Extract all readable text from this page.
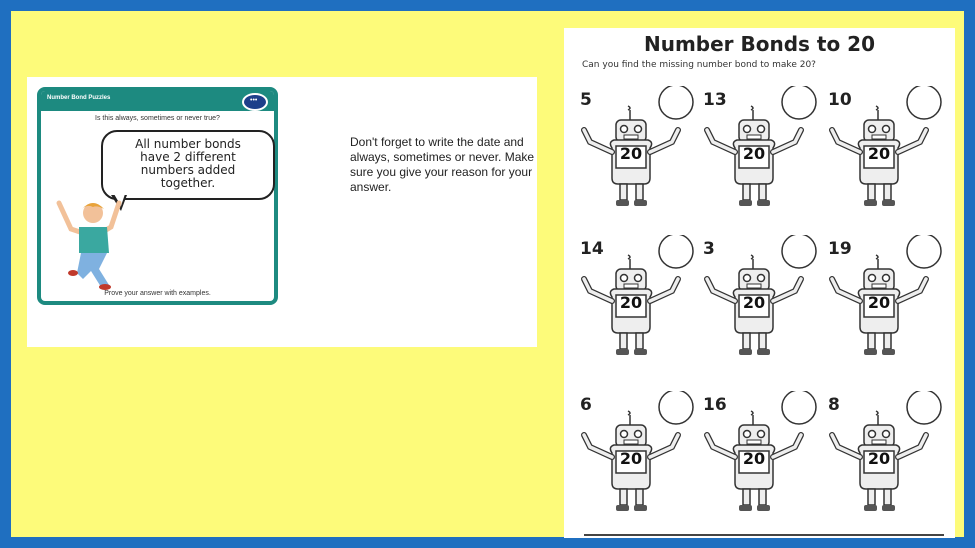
Number Bond Puzzles
•••
Is this always, sometimes or never true?
All number bonds
have 2 different
numbers added
together.
Prove your answer with examples.
Don't forget to write the date and always, sometimes or never. Make sure you give your reason for your answer.
Number Bonds to 20
Can you find the missing number bond to make 20?
5
20
13
20
10
20
14
20
3
20
19
20
6
20
16
20
8
20
